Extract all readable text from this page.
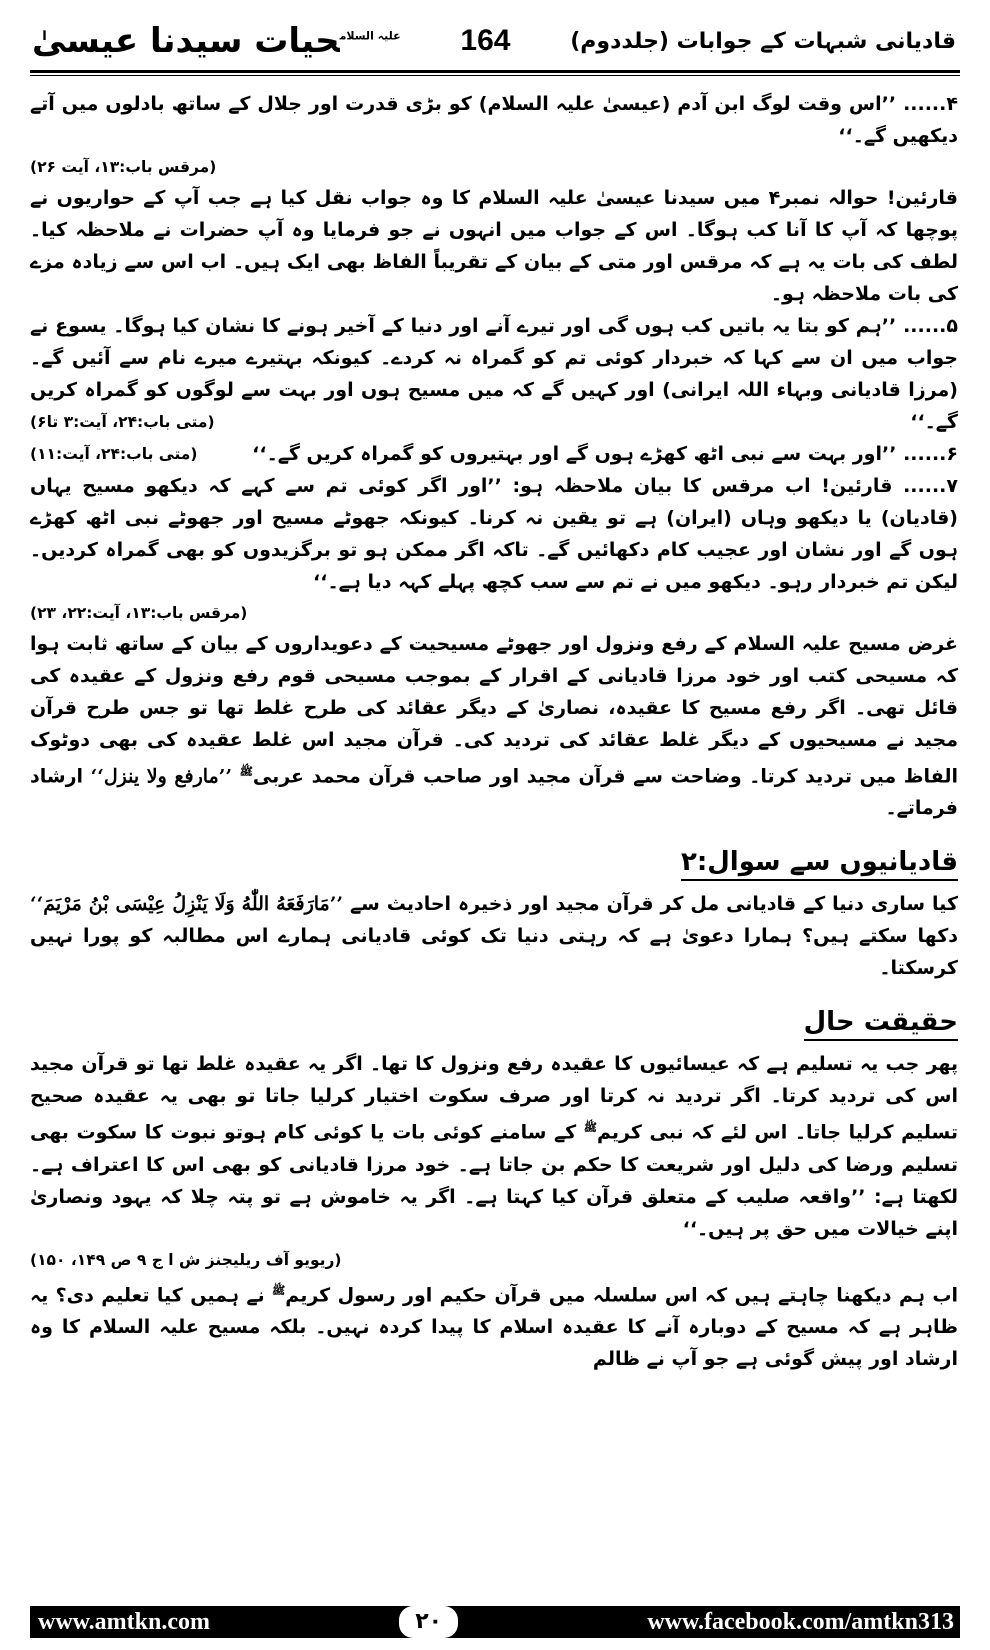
$^{علیہ السلام}$حیات سیدنا عیسیٰ	164	قادیانی شبہات کے جوابات (جلددوم)

۴...... ’’اس وقت لوگ ابن آدم (عیسیٰ علیہ السلام) کو بڑی قدرت اور جلال کے ساتھ بادلوں میں آتے دیکھیں گے۔‘‘

(مرقس باب:۱۳، آیت ۲۶)

قارئین! حوالہ نمبر۴ میں سیدنا عیسیٰ علیہ السلام کا وہ جواب نقل کیا ہے جب آپ کے حواریوں نے پوچھا کہ آپ کا آنا کب ہوگا۔ اس کے جواب میں انہوں نے جو فرمایا وہ آپ حضرات نے ملاحظہ کیا۔ لطف کی بات یہ ہے کہ مرقس اور متی کے بیان کے تقریباً الفاظ بھی ایک ہیں۔ اب اس سے زیادہ مزے کی بات ملاحظہ ہو۔

۵...... ’’ہم کو بتا یہ باتیں کب ہوں گی اور تیرے آنے اور دنیا کے آخیر ہونے کا نشان کیا ہوگا۔ یسوع نے جواب میں ان سے کہا کہ خبردار کوئی تم کو گمراہ نہ کردے۔ کیونکہ بہتیرے میرے نام سے آئیں گے۔ (مرزا قادیانی وبہاء اللہ ایرانی) اور کہیں گے کہ میں مسیح ہوں اور بہت سے لوگوں کو گمراہ کریں گے۔‘‘
(متی باب:۲۴، آیت:۳ تا۶)

۶...... ’’اور بہت سے نبی اٹھ کھڑے ہوں گے اور بہتیروں کو گمراہ کریں گے۔‘‘
(متی باب:۲۴، آیت:۱۱)

۷...... قارئین! اب مرقس کا بیان ملاحظہ ہو: ’’اور اگر کوئی تم سے کہے کہ دیکھو مسیح یہاں (قادیان) یا دیکھو وہاں (ایران) ہے تو یقین نہ کرنا۔ کیونکہ جھوٹے مسیح اور جھوٹے نبی اٹھ کھڑے ہوں گے اور نشان اور عجیب کام دکھائیں گے۔ تاکہ اگر ممکن ہو تو برگزیدوں کو بھی گمراہ کردیں۔ لیکن تم خبردار رہو۔ دیکھو میں نے تم سے سب کچھ پہلے کہہ دیا ہے۔‘‘

(مرقس باب:۱۳، آیت:۲۲، ۲۳)

غرض مسیح علیہ السلام کے رفع ونزول اور جھوٹے مسیحیت کے دعویداروں کے بیان کے ساتھ ثابت ہوا کہ مسیحی کتب اور خود مرزا قادیانی کے اقرار کے بموجب مسیحی قوم رفع ونزول کے عقیدہ کی قائل تھی۔ اگر رفع مسیح کا عقیدہ، نصاریٰ کے دیگر عقائد کی طرح غلط تھا تو جس طرح قرآن مجید نے مسیحیوں کے دیگر غلط عقائد کی تردید کی۔ قرآن مجید اس غلط عقیدہ کی بھی دوٹوک الفاظ میں تردید کرتا۔ وضاحت سے قرآن مجید اور صاحب قرآن محمد عربی$^ﷺ$ ’’مارفع ولا ینزل‘‘ ارشاد فرماتے۔

قادیانیوں سے سوال:۲

کیا ساری دنیا کے قادیانی مل کر قرآن مجید اور ذخیرہ احادیث سے ’’مَارَفَعَهُ اللّٰهُ وَلَا يَنْزِلُ عِيْسَى بْنُ مَرْيَمَ‘‘ دکھا سکتے ہیں؟ ہمارا دعویٰ ہے کہ رہتی دنیا تک کوئی قادیانی ہمارے اس مطالبہ کو پورا نہیں کرسکتا۔

حقیقت حال

پھر جب یہ تسلیم ہے کہ عیسائیوں کا عقیدہ رفع ونزول کا تھا۔ اگر یہ عقیدہ غلط تھا تو قرآن مجید اس کی تردید کرتا۔ اگر تردید نہ کرتا اور صرف سکوت اختیار کرلیا جاتا تو بھی یہ عقیدہ صحیح تسلیم کرلیا جاتا۔ اس لئے کہ نبی کریم$^ﷺ$ کے سامنے کوئی بات یا کوئی کام ہوتو نبوت کا سکوت بھی تسلیم ورضا کی دلیل اور شریعت کا حکم بن جاتا ہے۔ خود مرزا قادیانی کو بھی اس کا اعتراف ہے۔ لکھتا ہے: ’’واقعہ صلیب کے متعلق قرآن کیا کہتا ہے۔ اگر یہ خاموش ہے تو پتہ چلا کہ یہود ونصاریٰ اپنے خیالات میں حق پر ہیں۔‘‘

(ریویو آف ریلیجنز ش ا ج ۹ ص ۱۴۹، ۱۵۰)

اب ہم دیکھنا چاہتے ہیں کہ اس سلسلہ میں قرآن حکیم اور رسول کریم$^ﷺ$ نے ہمیں کیا تعلیم دی؟ یہ ظاہر ہے کہ مسیح کے دوبارہ آنے کا عقیدہ اسلام کا پیدا کردہ نہیں۔ بلکہ مسیح علیہ السلام کا وہ ارشاد اور پیش گوئی ہے جو آپ نے ظالم

www.amtkn.com	۲۰	www.facebook.com/amtkn313
